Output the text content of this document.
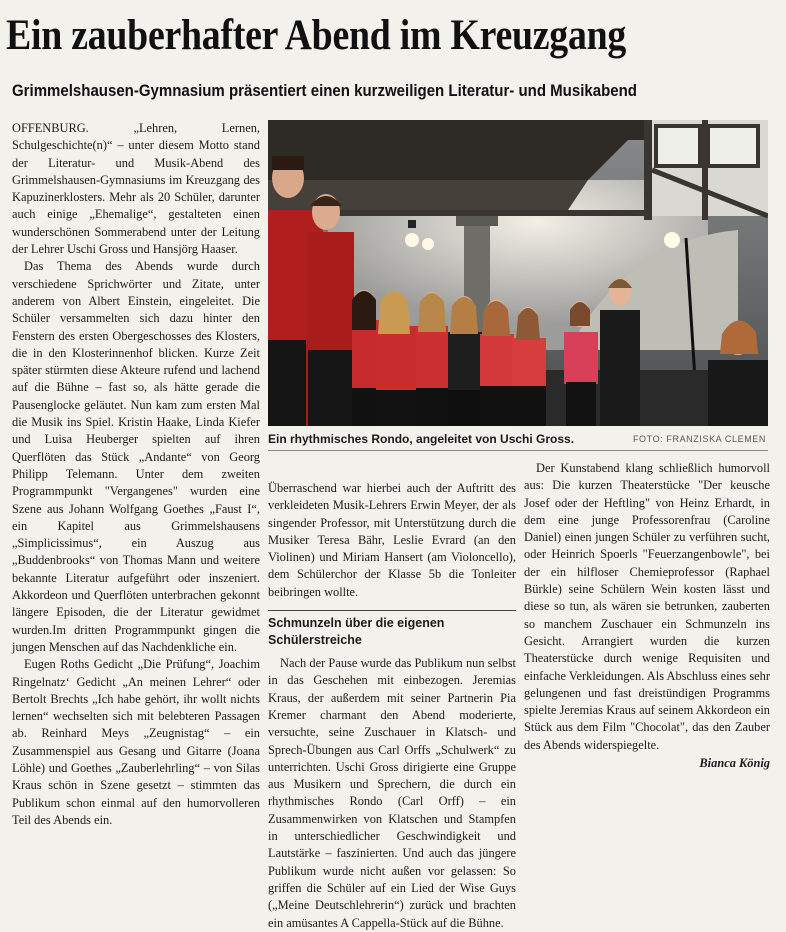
Ein zauberhafter Abend im Kreuzgang
Grimmelshausen-Gymnasium präsentiert einen kurzweiligen Literatur- und Musikabend

OFFENBURG.	„Lehren, Lernen, Schulgeschichte(n)“ – unter diesem Motto stand der Literatur- und Musik-Abend des Grimmelshausen-Gymnasiums im Kreuzgang des Kapuzinerklosters. Mehr als 20 Schüler, darunter auch einige „Ehemalige“, gestalteten einen wunderschönen Sommerabend unter der Leitung der Lehrer Uschi Gross und Hansjörg Haaser.

Das Thema des Abends wurde durch verschiedene Sprichwörter und Zitate, unter anderem von Albert Einstein, eingeleitet. Die Schüler versammelten sich dazu hinter den Fenstern des ersten Obergeschosses des Klosters, die in den Klosterinnenhof blicken. Kurze Zeit später stürmten diese Akteure rufend und lachend auf die Bühne – fast so, als hätte gerade die Pausenglocke geläutet. Nun kam zum ersten Mal die Musik ins Spiel. Kristin Haake, Linda Kiefer und Luisa Heuberger spielten auf ihren Querflöten das Stück „Andante“ von Georg Philipp Telemann. Unter dem zweiten Programmpunkt "Vergangenes" wurden eine Szene aus Johann Wolfgang Goethes „Faust I“, ein Kapitel aus Grimmelshausens „Simplicissimus“, ein Auszug aus „Buddenbrooks“ von Thomas Mann und weitere bekannte Literatur aufgeführt oder inszeniert. Akkordeon und Querflöten unterbrachen gekonnt längere Episoden, die der Literatur gewidmet wurden.Im dritten Programmpunkt gingen die jungen Menschen auf das Nachdenkliche ein.

Eugen Roths Gedicht „Die Prüfung“, Joachim Ringelnatz‘ Gedicht „An meinen Lehrer“ oder Bertolt Brechts „Ich habe gehört, ihr wollt nichts lernen“ wechselten sich mit belebteren Passagen ab. Reinhard Meys „Zeugnistag“ – ein Zusammenspiel aus Gesang und Gitarre (Joana Löhle) und Goethes „Zauberlehrling“ – von Silas Kraus schön in Szene gesetzt – stimmten das Publikum schon einmal auf den humorvolleren Teil des Abends ein.

Ein rhythmisches Rondo, angeleitet von Uschi Gross.	FOTO: FRANZISKA CLEMEN

Überraschend war hierbei auch der Auftritt des verkleideten Musik-Lehrers Erwin Meyer, der als singender Professor, mit Unterstützung durch die Musiker Teresa Bähr, Leslie Evrard (an den Violinen) und Miriam Hansert (am Violoncello), dem Schülerchor der Klasse 5b die Tonleiter beibringen wollte.

Schmunzeln über die eigenen Schülerstreiche

Nach der Pause wurde das Publikum nun selbst in das Geschehen mit einbezogen. Jeremias Kraus, der außerdem mit seiner Partnerin Pia Kremer charmant den Abend moderierte, versuchte, seine Zuschauer in Klatsch- und Sprech-Übungen aus Carl Orffs „Schulwerk“ zu unterrichten. Uschi Gross dirigierte eine Gruppe aus Musikern und Sprechern, die durch ein rhythmisches Rondo (Carl Orff) – ein Zusammenwirken von Klatschen und Stampfen in unterschiedlicher Geschwindigkeit und Lautstärke – faszinierten. Und auch das jüngere Publikum wurde nicht außen vor gelassen: So griffen die Schüler auf ein Lied der Wise Guys („Meine Deutschlehrerin“) zurück und brachten ein amüsantes A Cappella-Stück auf die Bühne.

Der Kunstabend klang schließlich humorvoll aus: Die kurzen Theaterstücke "Der keusche Josef oder der Heftling" von Heinz Erhardt, in dem eine junge Professorenfrau (Caroline Daniel) einen jungen Schüler zu verführen sucht, oder Heinrich Spoerls "Feuerzangenbowle", bei der ein hilfloser Chemieprofessor (Raphael Bürkle) seine Schülern Wein kosten lässt und diese so tun, als wären sie betrunken, zauberten so manchem Zuschauer ein Schmunzeln ins Gesicht. Arrangiert wurden die kurzen Theaterstücke durch wenige Requisiten und einfache Verkleidungen. Als Abschluss eines sehr gelungenen und fast dreistündigen Programms spielte Jeremias Kraus auf seinem Akkordeon ein Stück aus dem Film "Chocolat", das den Zauber des Abends widerspiegelte.

Bianca König
